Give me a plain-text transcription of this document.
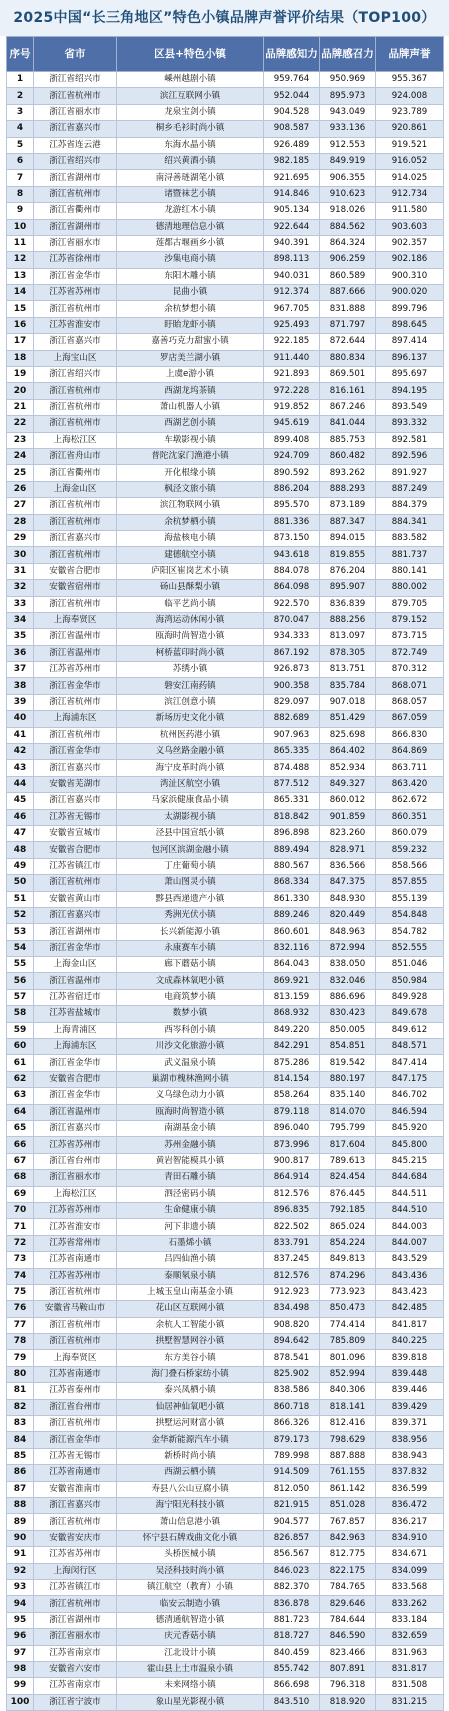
2025中国“长三角地区”特色小镇品牌声誉评价结果（TOP100）
序号	省市	区县+特色小镇	品牌感知力	品牌感召力	品牌声誉
1	浙江省绍兴市	嵊州越剧小镇	959.764	950.969	955.367
2	浙江省杭州市	滨江互联网小镇	952.044	895.973	924.008
3	浙江省丽水市	龙泉宝剑小镇	904.528	943.049	923.789
4	浙江省嘉兴市	桐乡毛衫时尚小镇	908.587	933.136	920.861
5	江苏省连云港	东海水晶小镇	926.489	912.553	919.521
6	浙江省绍兴市	绍兴黄酒小镇	982.185	849.919	916.052
7	浙江省湖州市	南浔善琏湖笔小镇	921.695	906.355	914.025
8	浙江省杭州市	诸暨袜艺小镇	914.846	910.623	912.734
9	浙江省衢州市	龙游红木小镇	905.134	918.026	911.580
10	浙江省湖州市	德清地理信息小镇	922.644	884.562	903.603
11	浙江省丽水市	莲都古堰画乡小镇	940.391	864.324	902.357
12	江苏省徐州市	沙集电商小镇	898.113	906.259	902.186
13	浙江省金华市	东阳木雕小镇	940.031	860.589	900.310
14	江苏省苏州市	昆曲小镇	912.374	887.666	900.020
15	浙江省杭州市	余杭梦想小镇	967.705	831.888	899.796
16	江苏省淮安市	盱眙龙虾小镇	925.493	871.797	898.645
17	浙江省嘉兴市	嘉善巧克力甜蜜小镇	922.185	872.644	897.414
18	上海宝山区	罗店美兰湖小镇	911.440	880.834	896.137
19	浙江省绍兴市	上虞e游小镇	921.893	869.501	895.697
20	浙江省杭州市	西湖龙坞茶镇	972.228	816.161	894.195
21	浙江省杭州市	萧山机器人小镇	919.852	867.246	893.549
22	浙江省杭州市	西湖艺创小镇	945.619	841.044	893.332
23	上海松江区	车墩影视小镇	899.408	885.753	892.581
24	浙江省舟山市	普陀沈家门渔港小镇	924.709	860.482	892.596
25	浙江省衢州市	开化根缘小镇	890.592	893.262	891.927
26	上海金山区	枫泾文旅小镇	886.204	888.293	887.249
27	浙江省杭州市	滨江物联网小镇	895.570	873.189	884.379
28	浙江省杭州市	余杭梦栖小镇	881.336	887.347	884.341
29	浙江省嘉兴市	海盐核电小镇	873.150	894.015	883.582
30	浙江省杭州市	建德航空小镇	943.618	819.855	881.737
31	安徽省合肥市	庐阳区崔岗艺术小镇	884.078	876.204	880.141
32	安徽省宿州市	砀山县酥梨小镇	864.098	895.907	880.002
33	浙江省杭州市	临平艺尚小镇	922.570	836.839	879.705
34	上海奉贤区	海湾运动休闲小镇	870.047	888.256	879.152
35	浙江省温州市	瓯海时尚智造小镇	934.333	813.097	873.715
36	浙江省温州市	柯桥蓝印时尚小镇	867.192	878.305	872.749
37	江苏省苏州市	苏绣小镇	926.873	813.751	870.312
38	浙江省金华市	磐安江南药镇	900.358	835.784	868.071
39	浙江省杭州市	滨江创意小镇	829.097	907.018	868.057
40	上海浦东区	新场历史文化小镇	882.689	851.429	867.059
41	浙江省杭州市	杭州医药港小镇	907.963	825.698	866.830
42	浙江省金华市	义乌丝路金融小镇	865.335	864.402	864.869
43	浙江省嘉兴市	海宁皮革时尚小镇	874.488	852.934	863.711
44	安徽省芜湖市	湾沚区航空小镇	877.512	849.327	863.420
45	浙江省嘉兴市	马家浜健康食品小镇	865.331	860.012	862.672
46	江苏省无锡市	太湖影视小镇	818.842	901.859	860.351
47	安徽省宣城市	泾县中国宣纸小镇	896.898	823.260	860.079
48	安徽省合肥市	包河区滨湖金融小镇	889.494	828.971	859.232
49	江苏省镇江市	丁庄葡萄小镇	880.567	836.566	858.566
50	浙江省杭州市	萧山图灵小镇	868.334	847.375	857.855
51	安徽省黄山市	黟县西递遗产小镇	861.330	848.930	855.139
52	浙江省嘉兴市	秀洲光伏小镇	889.246	820.449	854.848
53	浙江省湖州市	长兴新能源小镇	860.601	848.963	854.782
54	浙江省金华市	永康赛车小镇	832.116	872.994	852.555
55	上海金山区	廊下蘑菇小镇	864.043	838.050	851.046
56	浙江省温州市	文成森林氧吧小镇	869.921	832.046	850.984
57	江苏省宿迁市	电商筑梦小镇	813.159	886.696	849.928
58	江苏省盐城市	数梦小镇	868.932	830.423	849.678
59	上海青浦区	西岑科创小镇	849.220	850.005	849.612
60	上海浦东区	川沙文化旅游小镇	842.291	854.851	848.571
61	浙江省金华市	武义温泉小镇	875.286	819.542	847.414
62	安徽省合肥市	巢湖市槐林渔网小镇	814.154	880.197	847.175
63	浙江省金华市	义乌绿色动力小镇	858.264	835.140	846.702
64	浙江省温州市	瓯海时尚智造小镇	879.118	814.070	846.594
65	浙江省嘉兴市	南湖基金小镇	896.040	795.799	845.920
66	江苏省苏州市	苏州金融小镇	873.996	817.604	845.800
67	浙江省台州市	黄岩智能模具小镇	900.817	789.613	845.215
68	浙江省丽水市	青田石雕小镇	864.914	824.454	844.684
69	上海松江区	泗泾密码小镇	812.576	876.445	844.511
70	江苏省苏州市	生命健康小镇	896.835	792.185	844.510
71	江苏省淮安市	河下非遗小镇	822.502	865.024	844.003
72	江苏省常州市	石墨烯小镇	833.791	854.224	844.007
73	江苏省南通市	吕四仙渔小镇	837.245	849.813	843.529
74	江苏省苏州市	泰顺氡泉小镇	812.576	874.296	843.436
75	浙江省杭州市	上城玉皇山南基金小镇	912.923	773.923	843.423
76	安徽省马鞍山市	花山区互联网小镇	834.498	850.473	842.485
77	浙江省杭州市	余杭人工智能小镇	908.820	774.414	841.817
78	浙江省杭州市	拱墅智慧网谷小镇	894.642	785.809	840.225
79	上海奉贤区	东方美谷小镇	878.541	801.096	839.818
80	江苏省南通市	海门叠石桥家纺小镇	825.902	852.994	839.448
81	江苏省泰州市	泰兴凤栖小镇	838.586	840.306	839.446
82	浙江省台州市	仙居神仙氧吧小镇	860.718	818.141	839.429
83	浙江省杭州市	拱墅运河财富小镇	866.326	812.416	839.371
84	浙江省金华市	金华新能源汽车小镇	879.173	798.629	838.956
85	江苏省无锡市	新桥时尚小镇	789.998	887.888	838.943
86	江苏省南通市	西湖云栖小镇	914.509	761.155	837.832
87	安徽省淮南市	寿县八公山豆腐小镇	812.050	861.142	836.599
88	浙江省嘉兴市	海宁阳光科技小镇	821.915	851.028	836.472
89	浙江省杭州市	萧山信息港小镇	904.577	767.857	836.217
90	安徽省安庆市	怀宁县石牌戏曲文化小镇	826.857	842.963	834.910
91	江苏省苏州市	头桥医械小镇	856.567	812.775	834.671
92	上海闵行区	吴泾科技时尚小镇	846.023	822.175	834.099
93	江苏省镇江市	镇江航空（教育）小镇	882.370	784.765	833.568
94	浙江省杭州市	临安云制造小镇	836.878	829.646	833.262
95	浙江省湖州市	德清通航智造小镇	881.723	784.644	833.184
96	浙江省丽水市	庆元香菇小镇	818.727	846.590	832.659
97	江苏省南京市	江北设计小镇	840.459	823.466	831.963
98	安徽省六安市	霍山县上土市温泉小镇	855.742	807.891	831.817
99	江苏省南京市	未来网络小镇	866.698	796.318	831.508
100	浙江省宁波市	象山星光影视小镇	843.510	818.920	831.215
